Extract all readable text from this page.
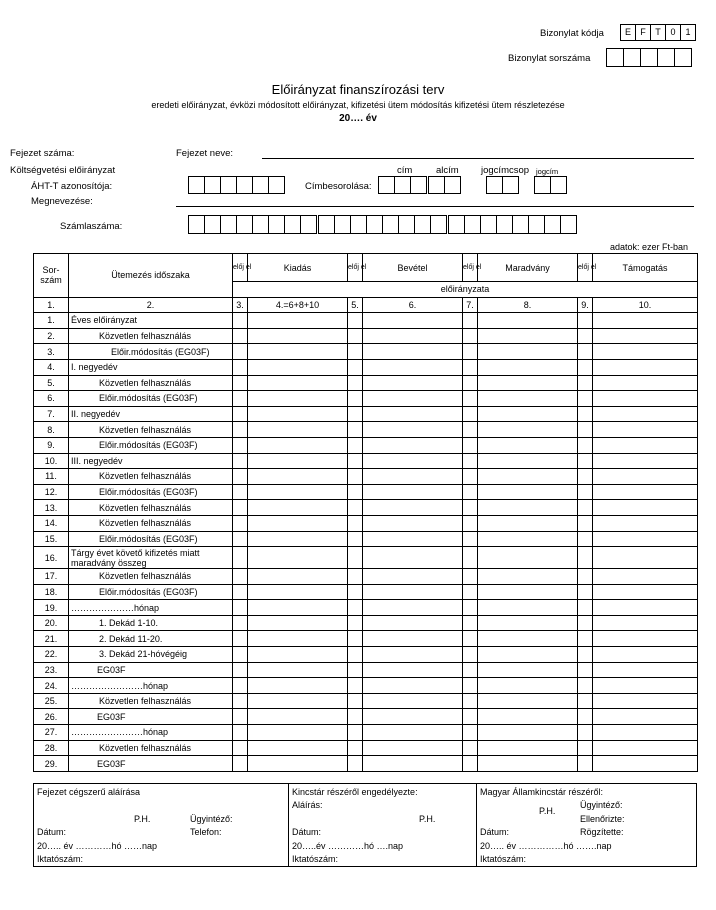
Bizonylat kódja	E	F	T	0	1
Bizonylat sorszáma
Előirányzat finanszírozási terv
eredeti előirányzat, évközi módosított előirányzat, kifizetési ütem módosítás kifizetési ütem részletezése
20…. év
Fejezet száma:	Fejezet neve:
Költségvetési előirányzat	cím alcím jogcímcsop jogcím
ÁHT-T azonosítója:	Címbesorolása:
Megnevezése:
Számlaszáma:
adatok: ezer Ft-ban
Sor-szám	Ütemezés időszaka	előj el	Kiadás	előj el	Bevétel	előj el	Maradvány	előj el	Támogatás
		előirányzata							
1.	2.	3.	4.=6+8+10	5.	6.	7.	8.	9.	10.
1.	Éves előirányzat								
2.	Közvetlen felhasználás								
3.	Előir.módosítás (EG03F)								
4.	I. negyedév								
5.	Közvetlen felhasználás								
6.	Előir.módosítás (EG03F)								
7.	II. negyedév								
8.	Közvetlen felhasználás								
9.	Előir.módosítás (EG03F)								
10.	III. negyedév								
11.	Közvetlen felhasználás								
12.	Előir.módosítás (EG03F)								
13.	Közvetlen felhasználás								
14.	Közvetlen felhasználás								
15.	Előir.módosítás (EG03F)								
16.	Tárgy évet követő kifizetés miatt maradvány összeg								
17.	Közvetlen felhasználás								
18.	Előir.módosítás (EG03F)								
19.	…………………hónap								
20.	1. Dekád 1-10.								
21.	2. Dekád 11-20.								
22.	3. Dekád 21-hóvégéig								
23.	EG03F								
24.	……………………hónap								
25.	Közvetlen felhasználás								
26.	EG03F								
27.	……………………hónap								
28.	Közvetlen felhasználás								
29.	EG03F								
Fejezet cégszerű aláírása
P.H.	Ügyintéző:
Dátum:	Telefon:
20….. év …………hó ……nap
Iktatószám:
Kincstár részéről engedélyezte:
Aláírás:
P.H.
Dátum:
20…..év …………hó ….nap
Iktatószám:
Magyar Államkincstár részéről:
P.H.
Ügyintéző:
Ellenőrizte:
Dátum:	Rögzítette:
20….. év ……………hó …….nap
Iktatószám:
